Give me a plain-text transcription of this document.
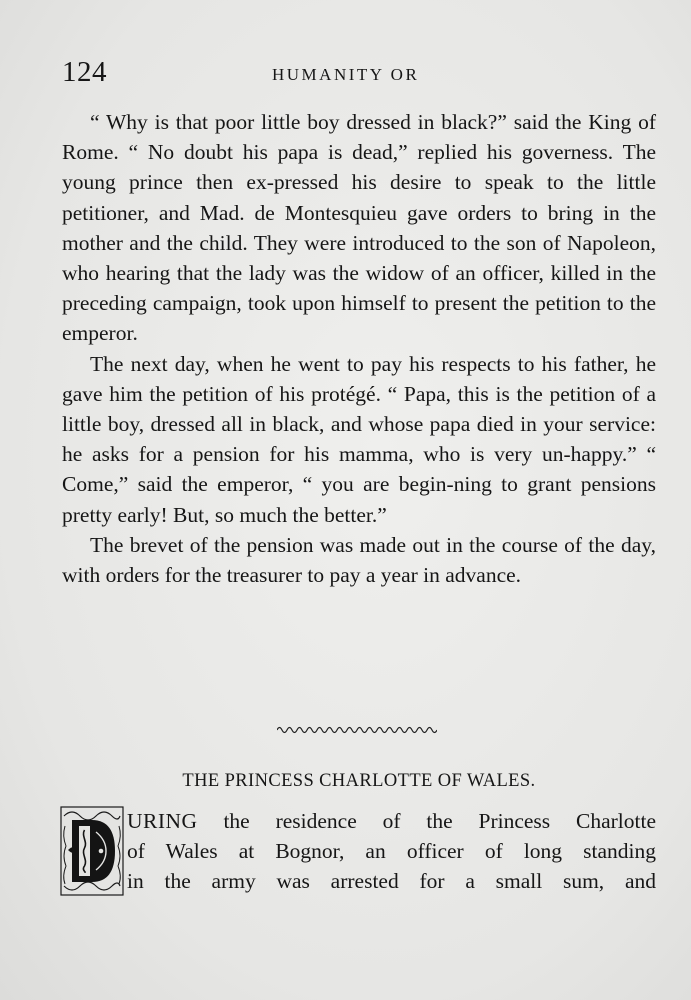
124	HUMANITY OR

“ Why is that poor little boy dressed in black?” said the King of Rome. “ No doubt his papa is dead,” replied his governess. The young prince then ex-pressed his desire to speak to the little petitioner, and Mad. de Montesquieu gave orders to bring in the mother and the child. They were introduced to the son of Napoleon, who hearing that the lady was the widow of an officer, killed in the preceding campaign, took upon himself to present the petition to the emperor.

The next day, when he went to pay his respects to his father, he gave him the petition of his protégé. “ Papa, this is the petition of a little boy, dressed all in black, and whose papa died in your service: he asks for a pension for his mamma, who is very un-happy.” “ Come,” said the emperor, “ you are begin-ning to grant pensions pretty early! But, so much the better.”

The brevet of the pension was made out in the course of the day, with orders for the treasurer to pay a year in advance.

THE PRINCESS CHARLOTTE OF WALES.
URING the residence of the Princess Charlotte
of Wales at Bognor, an officer of long standing
in the army was arrested for a small sum, and
